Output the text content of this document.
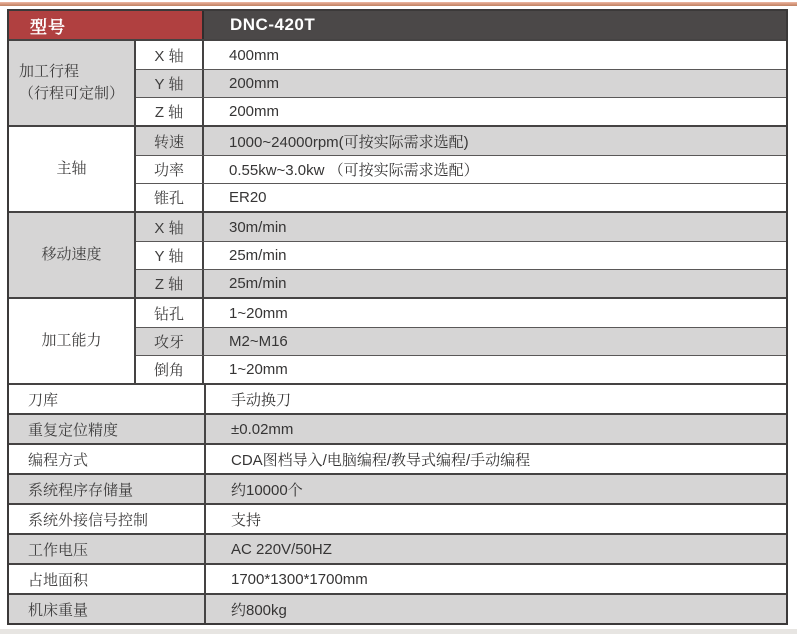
型号	DNC-420T
加工行程
（行程可定制）
X 轴	400mm
Y 轴	200mm
Z 轴	200mm
主轴
转速	1000~24000rpm(可按实际需求选配)
功率	0.55kw~3.0kw （可按实际需求选配）
锥孔	ER20
移动速度
X 轴	30m/min
Y 轴	25m/min
Z 轴	25m/min
加工能力
钻孔	1~20mm
攻牙	M2~M16
倒角	1~20mm
刀库	手动换刀
重复定位精度	±0.02mm
编程方式	CDA图档导入/电脑编程/教导式编程/手动编程
系统程序存储量	约10000个
系统外接信号控制	支持
工作电压	AC 220V/50HZ
占地面积	1700*1300*1700mm
机床重量	约800kg
